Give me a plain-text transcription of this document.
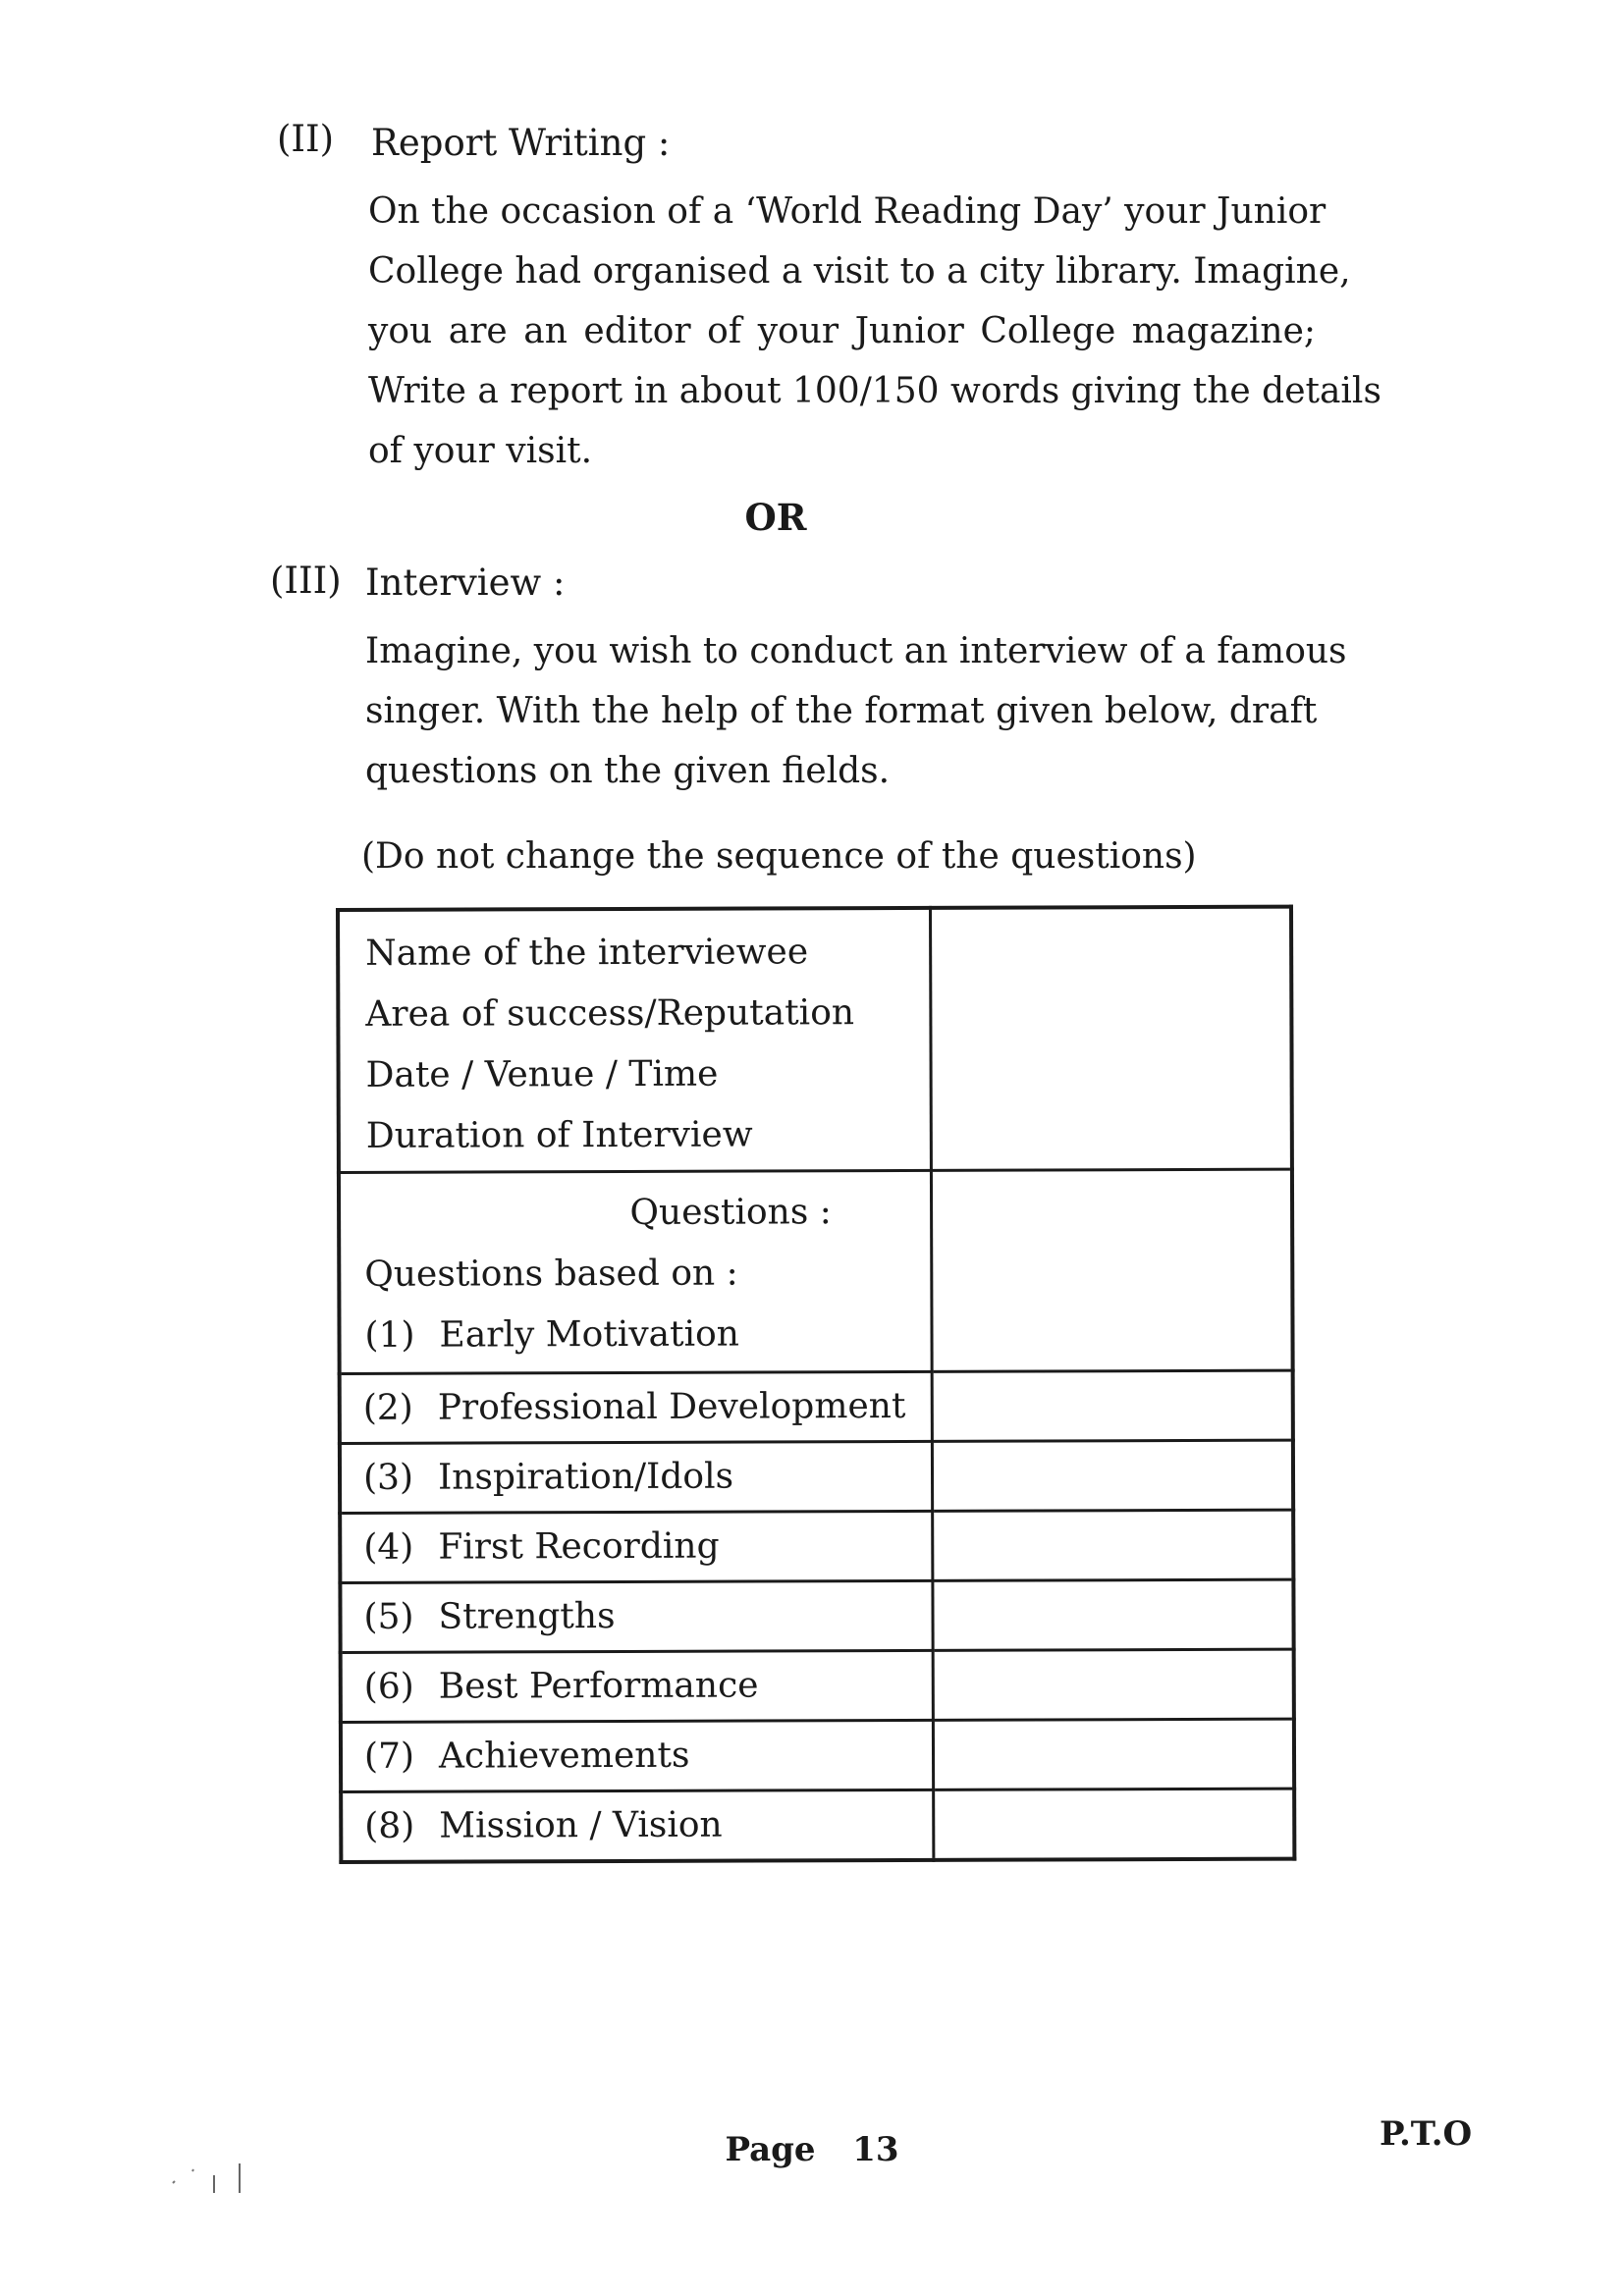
(II) Report Writing :
On the occasion of a ‘World Reading Day’ your Junior
College had organised a visit to a city library. Imagine,
you are an editor of your Junior College magazine;
Write a report in about 100/150 words giving the details
of your visit.
OR
(III) Interview :
Imagine, you wish to conduct an interview of a famous
singer. With the help of the format given below, draft
questions on the given fields.
(Do not change the sequence of the questions)
Name of the interviewee
Area of success/Reputation
Date / Venue / Time
Duration of Interview	

Questions :
Questions based on :
(1) Early Motivation	

(2) Professional Development	
(3) Inspiration/Idols	
(4) First Recording	
(5) Strengths	
(6) Best Performance	
(7) Achievements	
(8) Mission / Vision	
Page 13	P.T.O
